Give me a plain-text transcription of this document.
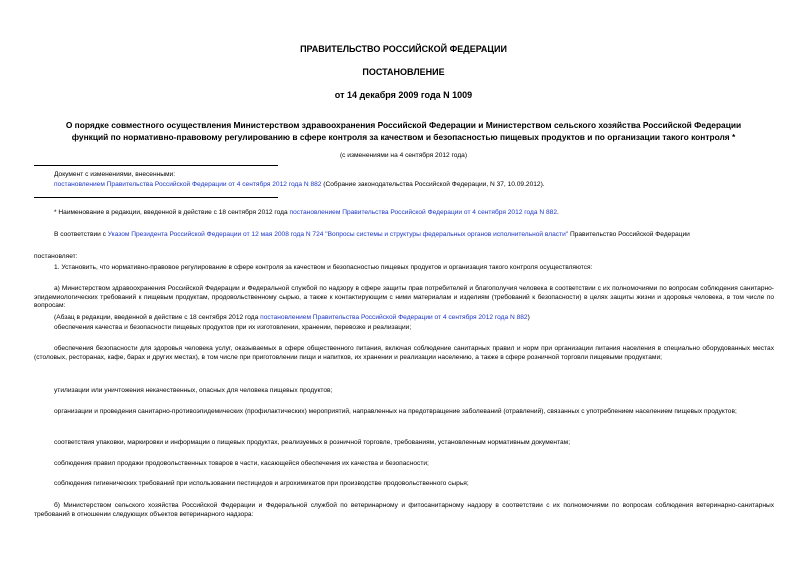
ПРАВИТЕЛЬСТВО РОССИЙСКОЙ ФЕДЕРАЦИИ
ПОСТАНОВЛЕНИЕ
от 14 декабря 2009 года N 1009
О порядке совместного осуществления Министерством здравоохранения Российской Федерации и Министерством сельского хозяйства Российской Федерации
функций по нормативно-правовому регулированию в сфере контроля за качеством и безопасностью пищевых продуктов и по организации такого контроля *
(с изменениями на 4 сентября 2012 года)
Документ с изменениями, внесенными:
постановлением Правительства Российской Федерации от 4 сентября 2012 года N 882 (Собрание законодательства Российской Федерации, N 37, 10.09.2012).
* Наименование в редакции, введенной в действие с 18 сентября 2012 года постановлением Правительства Российской Федерации от 4 сентября 2012 года N 882.
В соответствии с Указом Президента Российской Федерации от 12 мая 2008 года N 724 "Вопросы системы и структуры федеральных органов исполнительной власти" Правительство Российской Федерации
постановляет:
1. Установить, что нормативно-правовое регулирование в сфере контроля за качеством и безопасностью пищевых продуктов и организация такого контроля осуществляются:
а) Министерством здравоохранения Российской Федерации и Федеральной службой по надзору в сфере защиты прав потребителей и благополучия человека в соответствии с их полномочиями по вопросам соблюдения санитарно-эпидемиологических требований к пищевым продуктам, продовольственному сырью, а также к контактирующим с ними материалам и изделиям (требований к безопасности) в целях защиты жизни и здоровья человека, в том числе по вопросам:
(Абзац в редакции, введенной в действие с 18 сентября 2012 года постановлением Правительства Российской Федерации от 4 сентября 2012 года N 882)
обеспечения качества и безопасности пищевых продуктов при их изготовлении, хранении, перевозке и реализации;
обеспечения безопасности для здоровья человека услуг, оказываемых в сфере общественного питания, включая соблюдение санитарных правил и норм при организации питания населения в специально оборудованных местах (столовых, ресторанах, кафе, барах и других местах), в том числе при приготовлении пищи и напитков, их хранении и реализации населению, а также в сфере розничной торговли пищевыми продуктами;
утилизации или уничтожения некачественных, опасных для человека пищевых продуктов;
организации и проведения санитарно-противоэпидемических (профилактических) мероприятий, направленных на предотвращение заболеваний (отравлений), связанных с употреблением населением пищевых продуктов;
соответствия упаковки, маркировки и информации о пищевых продуктах, реализуемых в розничной торговле, требованиям, установленным нормативным документам;
соблюдения правил продажи продовольственных товаров в части, касающейся обеспечения их качества и безопасности;
соблюдения гигиенических требований при использовании пестицидов и агрохимикатов при производстве продовольственного сырья;
б) Министерством сельского хозяйства Российской Федерации и Федеральной службой по ветеринарному и фитосанитарному надзору в соответствии с их полномочиями по вопросам соблюдения ветеринарно-санитарных требований в отношении следующих объектов ветеринарного надзора:
